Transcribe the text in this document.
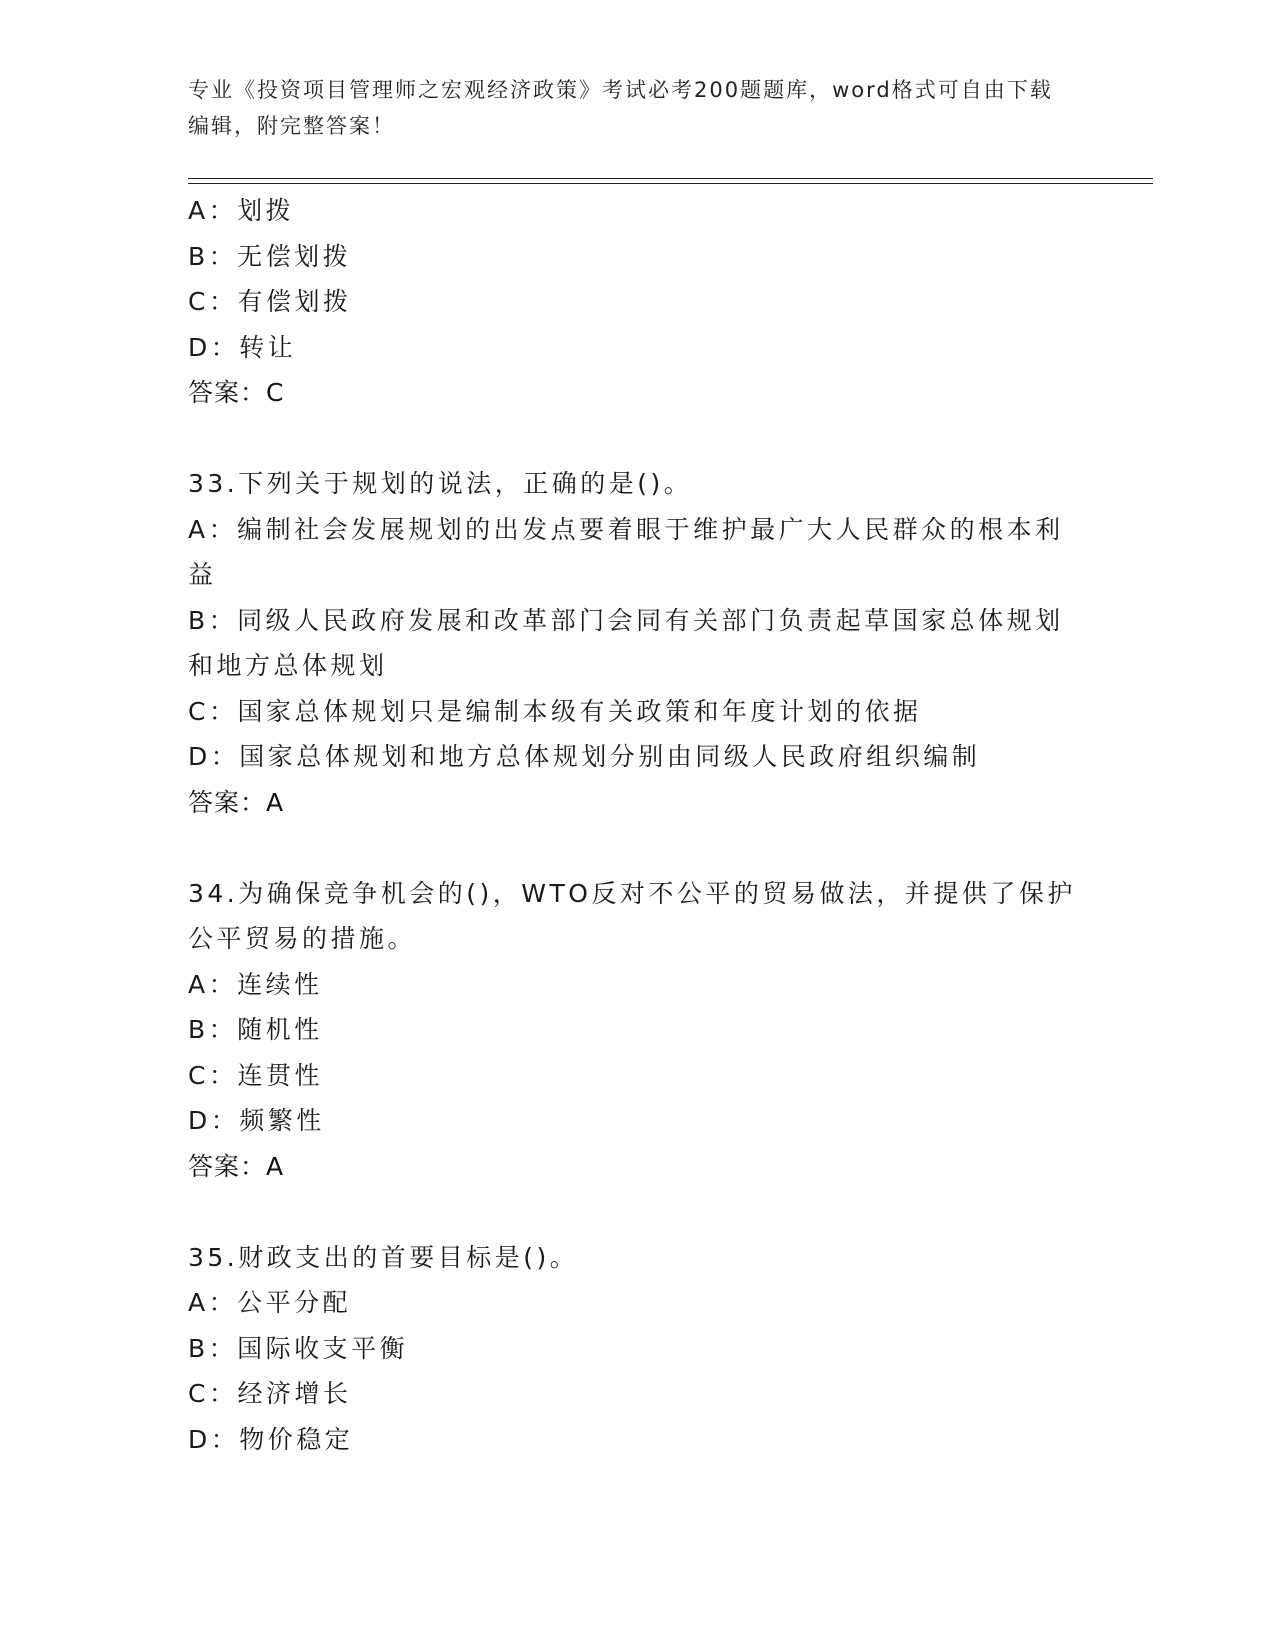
专业《投资项目管理师之宏观经济政策》考试必考200题题库，word格式可自由下载编辑，附完整答案！
A：划拨
B：无偿划拨
C：有偿划拨
D：转让
答案：C
33.下列关于规划的说法，正确的是()。
A：编制社会发展规划的出发点要着眼于维护最广大人民群众的根本利益
B：同级人民政府发展和改革部门会同有关部门负责起草国家总体规划和地方总体规划
C：国家总体规划只是编制本级有关政策和年度计划的依据
D：国家总体规划和地方总体规划分别由同级人民政府组织编制
答案：A
34.为确保竞争机会的()，WTO反对不公平的贸易做法，并提供了保护公平贸易的措施。
A：连续性
B：随机性
C：连贯性
D：频繁性
答案：A
35.财政支出的首要目标是()。
A：公平分配
B：国际收支平衡
C：经济增长
D：物价稳定
